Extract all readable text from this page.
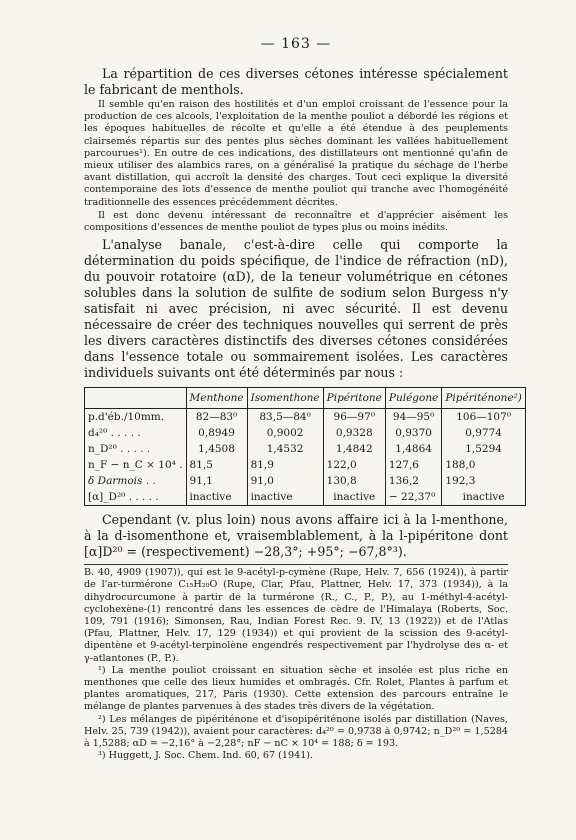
— 163 —

La répartition de ces diverses cétones intéresse spécialement le fabricant de menthols.

Il semble qu'en raison des hostilités et d'un emploi croissant de l'essence pour la production de ces alcools, l'exploitation de la menthe pouliot a débordé les régions et les époques habituelles de récolte et qu'elle a été étendue à des peuplements clairsemés répartis sur des pentes plus sèches dominant les vallées habituellement parcourues¹). En outre de ces indications, des distillateurs ont mentionné qu'afin de mieux utiliser des alambics rares, on a généralisé la pratique du séchage de l'herbe avant distillation, qui accroît la densité des charges. Tout ceci explique la diversité contemporaine des lots d'essence de menthe pouliot qui tranche avec l'homogénéité traditionnelle des essences précédemment décrites.

Il est donc devenu intéressant de reconnaître et d'apprécier aisément les compositions d'essences de menthe pouliot de types plus ou moins inédits.

L'analyse banale, c'est-à-dire celle qui comporte la détermination du poids spécifique, de l'indice de réfraction (nD), du pouvoir rotatoire (αD), de la teneur volumétrique en cétones solubles dans la solution de sulfite de sodium selon Burgess n'y satisfait ni avec précision, ni avec sécurité. Il est devenu nécessaire de créer des techniques nouvelles qui serrent de près les divers caractères distinctifs des diverses cétones considérées dans l'essence totale ou sommairement isolées. Les caractères individuels suivants ont été déterminés par nous :

	Menthone	Isomenthone	Pipéritone	Pulégone	Pipériténone²)
p.d'éb./10mm.	82—83⁰	83,5—84⁰	96—97⁰	94—95⁰	106—107⁰
d₄²⁰ . . . . .	0,8949	0,9002	0,9328	0,9370	0,9774
n_D²⁰ . . . . .	1,4508	1,4532	1,4842	1,4864	1,5294
n_F − n_C × 10⁴ .	81,5	81,9	122,0	127,6	188,0
δ Darmois . .	91,1	91,0	130,8	136,2	192,3
[α]_D²⁰ . . . . .	inactive	inactive	inactive	− 22,37⁰	inactive

Cependant (v. plus loin) nous avons affaire ici à la l-menthone, à la d-isomenthone et, vraisemblablement, à la l-pipéritone dont [α]D²⁰ = (respectivement) −28,3°; +95°; −67,8°³).

B. 40, 4909 (1907)), qui est le 9-acétyl-p-cymène (Rupe, Helv. 7, 656 (1924)), à partir de l'ar-turmérone C₁₅H₂₀O (Rupe, Clar, Pfau, Plattner, Helv. 17, 373 (1934)), à la dihydrocurcumone à partir de la turmérone (R., C., P., P.), au 1-méthyl-4-acétyl-cyclohexène-(1) rencontré dans les essences de cèdre de l'Himalaya (Roberts, Soc. 109, 791 (1916); Simonsen, Rau, Indian Forest Rec. 9. IV, 13 (1922)) et de l'Atlas (Pfau, Plattner, Helv. 17, 129 (1934)) et qui provient de la scission des 9-acétyl-dipentène et 9-acétyl-terpinolène engendrés respectivement par l'hydrolyse des α- et γ-atlantones (P., P.).

¹) La menthe pouliot croissant en situation sèche et insolée est plus riche en menthones que celle des lieux humides et ombragés. Cfr. Rolet, Plantes à parfum et plantes aromatiques, 217, Paris (1930). Cette extension des parcours entraîne le mélange de plantes parvenues à des stades très divers de la végétation.

²) Les mélanges de pipériténone et d'isopipériténone isolés par distillation (Naves, Helv. 25, 739 (1942)), avaient pour caractères: d₄²⁰ = 0,9738 à 0,9742; n_D²⁰ = 1,5284 à 1,5288; αD = −2,16° à −2,28°; nF − nC × 10⁴ = 188; δ = 193.

³) Huggett, J. Soc. Chem. Ind. 60, 67 (1941).
